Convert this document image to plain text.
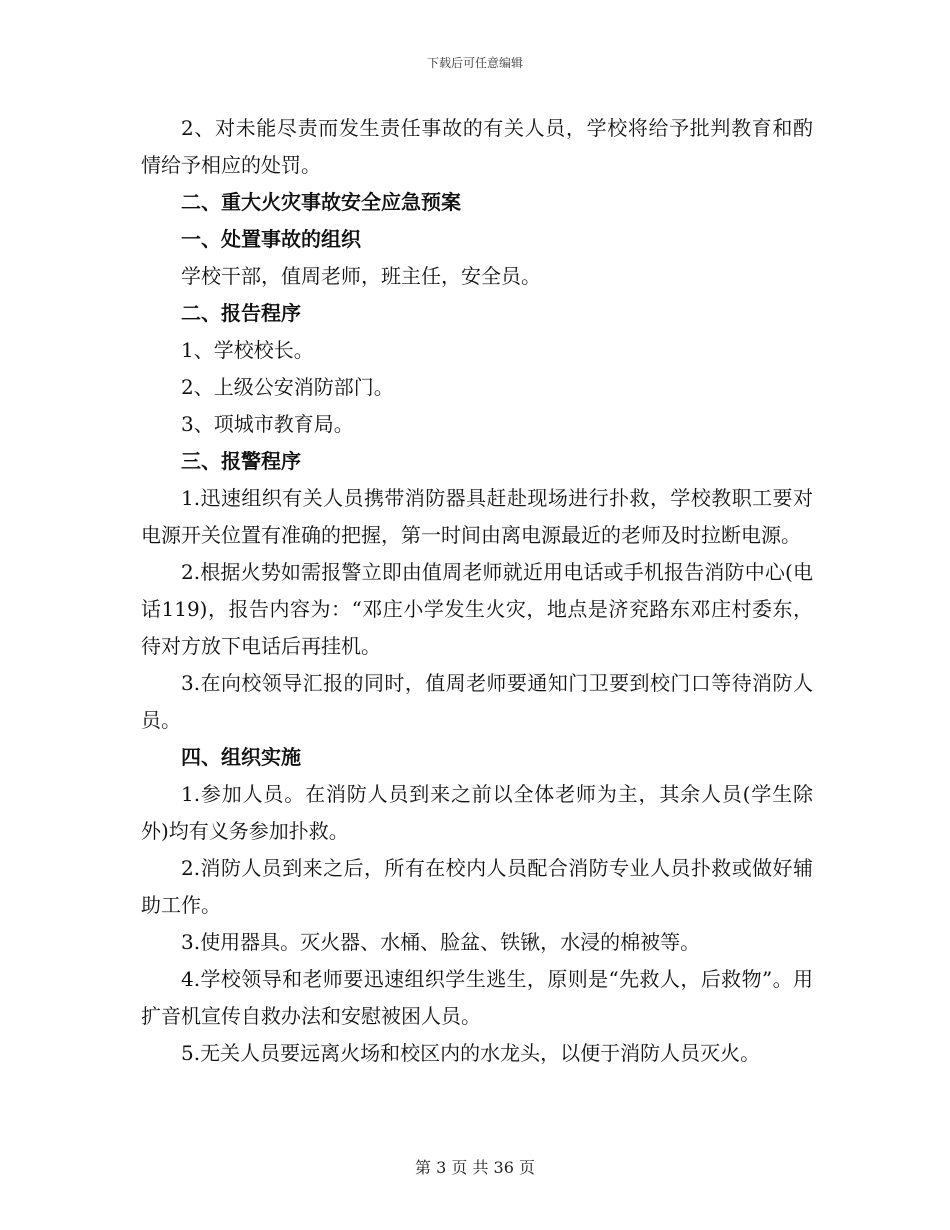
下载后可任意编辑

2、对未能尽责而发生责任事故的有关人员，学校将给予批判教育和酌情给予相应的处罚。

二、重大火灾事故安全应急预案

一、处置事故的组织

学校干部，值周老师，班主任，安全员。

二、报告程序

1、学校校长。

2、上级公安消防部门。

3、项城市教育局。

三、报警程序

1.迅速组织有关人员携带消防器具赶赴现场进行扑救，学校教职工要对电源开关位置有准确的把握，第一时间由离电源最近的老师及时拉断电源。

2.根据火势如需报警立即由值周老师就近用电话或手机报告消防中心(电话119)，报告内容为：“邓庄小学发生火灾，地点是济兖路东邓庄村委东，待对方放下电话后再挂机。

3.在向校领导汇报的同时，值周老师要通知门卫要到校门口等待消防人员。

四、组织实施

1.参加人员。在消防人员到来之前以全体老师为主，其余人员(学生除外)均有义务参加扑救。

2.消防人员到来之后，所有在校内人员配合消防专业人员扑救或做好辅助工作。

3.使用器具。灭火器、水桶、脸盆、铁锹，水浸的棉被等。

4.学校领导和老师要迅速组织学生逃生，原则是“先救人，后救物”。用扩音机宣传自救办法和安慰被困人员。

5.无关人员要远离火场和校区内的水龙头，以便于消防人员灭火。

第 3 页 共 36 页
